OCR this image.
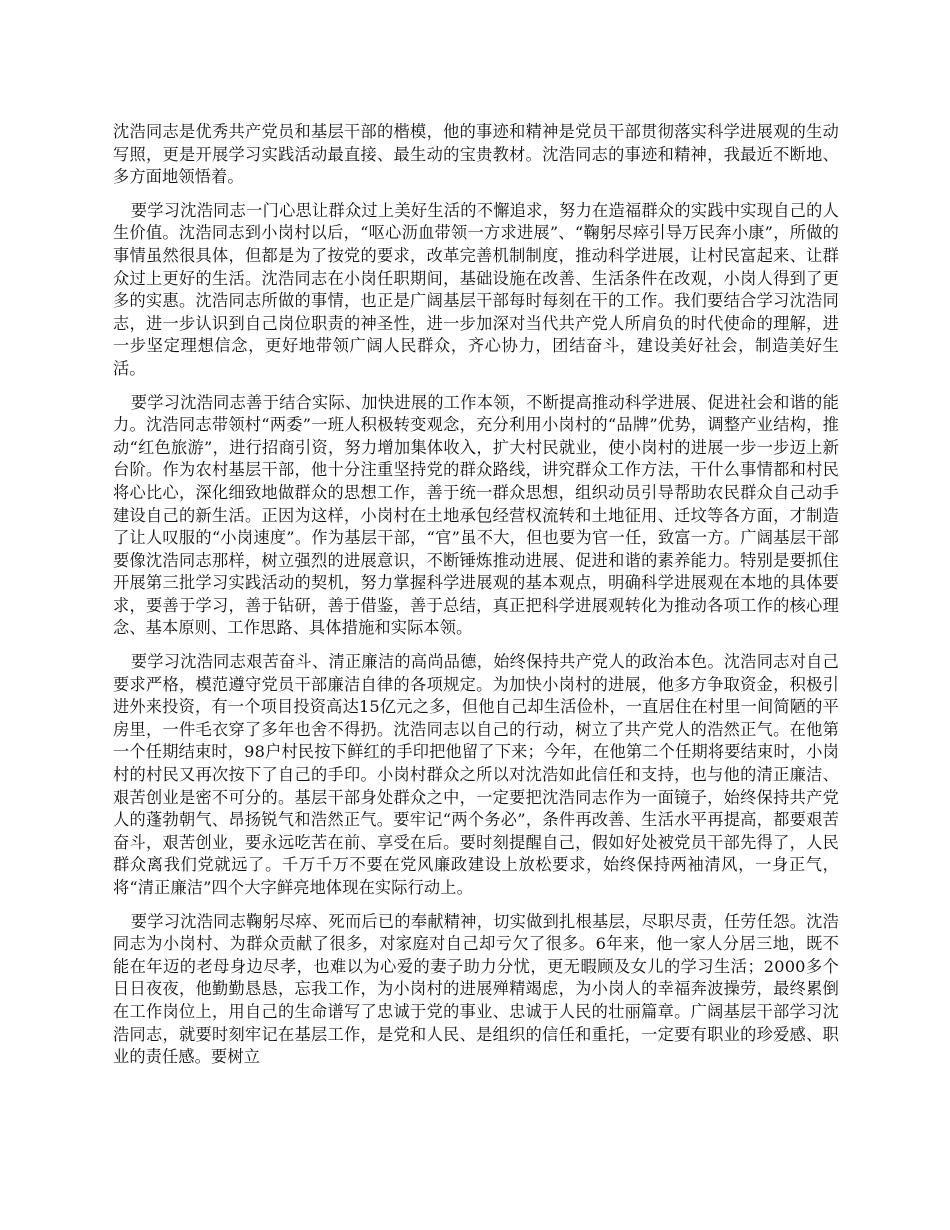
沈浩同志是优秀共产党员和基层干部的楷模，他的事迹和精神是党员干部贯彻落实科学进展观的生动写照，更是开展学习实践活动最直接、最生动的宝贵教材。沈浩同志的事迹和精神，我最近不断地、多方面地领悟着。

要学习沈浩同志一门心思让群众过上美好生活的不懈追求，努力在造福群众的实践中实现自己的人生价值。沈浩同志到小岗村以后，“呕心沥血带领一方求进展”、“鞠躬尽瘁引导万民奔小康”，所做的事情虽然很具体，但都是为了按党的要求，改革完善机制制度，推动科学进展，让村民富起来、让群众过上更好的生活。沈浩同志在小岗任职期间，基础设施在改善、生活条件在改观，小岗人得到了更多的实惠。沈浩同志所做的事情，也正是广阔基层干部每时每刻在干的工作。我们要结合学习沈浩同志，进一步认识到自己岗位职责的神圣性，进一步加深对当代共产党人所肩负的时代使命的理解，进一步坚定理想信念，更好地带领广阔人民群众，齐心协力，团结奋斗，建设美好社会，制造美好生活。

要学习沈浩同志善于结合实际、加快进展的工作本领，不断提高推动科学进展、促进社会和谐的能力。沈浩同志带领村“两委”一班人积极转变观念，充分利用小岗村的“品牌”优势，调整产业结构，推动“红色旅游”，进行招商引资，努力增加集体收入，扩大村民就业，使小岗村的进展一步一步迈上新台阶。作为农村基层干部，他十分注重坚持党的群众路线，讲究群众工作方法，干什么事情都和村民将心比心，深化细致地做群众的思想工作，善于统一群众思想，组织动员引导帮助农民群众自己动手建设自己的新生活。正因为这样，小岗村在土地承包经营权流转和土地征用、迁坟等各方面，才制造了让人叹服的“小岗速度”。作为基层干部，“官”虽不大，但也要为官一任，致富一方。广阔基层干部要像沈浩同志那样，树立强烈的进展意识，不断锤炼推动进展、促进和谐的素养能力。特别是要抓住开展第三批学习实践活动的契机，努力掌握科学进展观的基本观点，明确科学进展观在本地的具体要求，要善于学习，善于钻研，善于借鉴，善于总结，真正把科学进展观转化为推动各项工作的核心理念、基本原则、工作思路、具体措施和实际本领。

要学习沈浩同志艰苦奋斗、清正廉洁的高尚品德，始终保持共产党人的政治本色。沈浩同志对自己要求严格，模范遵守党员干部廉洁自律的各项规定。为加快小岗村的进展，他多方争取资金，积极引进外来投资，有一个项目投资高达15亿元之多，但他自己却生活俭朴，一直居住在村里一间简陋的平房里，一件毛衣穿了多年也舍不得扔。沈浩同志以自己的行动，树立了共产党人的浩然正气。在他第一个任期结束时，98户村民按下鲜红的手印把他留了下来；今年，在他第二个任期将要结束时，小岗村的村民又再次按下了自己的手印。小岗村群众之所以对沈浩如此信任和支持，也与他的清正廉洁、艰苦创业是密不可分的。基层干部身处群众之中，一定要把沈浩同志作为一面镜子，始终保持共产党人的蓬勃朝气、昂扬锐气和浩然正气。要牢记“两个务必”，条件再改善、生活水平再提高，都要艰苦奋斗，艰苦创业，要永远吃苦在前、享受在后。要时刻提醒自己，假如好处被党员干部先得了，人民群众离我们党就远了。千万千万不要在党风廉政建设上放松要求，始终保持两袖清风，一身正气，将“清正廉洁”四个大字鲜亮地体现在实际行动上。

要学习沈浩同志鞠躬尽瘁、死而后已的奉献精神，切实做到扎根基层，尽职尽责，任劳任怨。沈浩同志为小岗村、为群众贡献了很多，对家庭对自己却亏欠了很多。6年来，他一家人分居三地，既不能在年迈的老母身边尽孝，也难以为心爱的妻子助力分忧，更无暇顾及女儿的学习生活；2000多个日日夜夜，他勤勤恳恳，忘我工作，为小岗村的进展殚精竭虑，为小岗人的幸福奔波操劳，最终累倒在工作岗位上，用自己的生命谱写了忠诚于党的事业、忠诚于人民的壮丽篇章。广阔基层干部学习沈浩同志，就要时刻牢记在基层工作，是党和人民、是组织的信任和重托，一定要有职业的珍爱感、职业的责任感。要树立
